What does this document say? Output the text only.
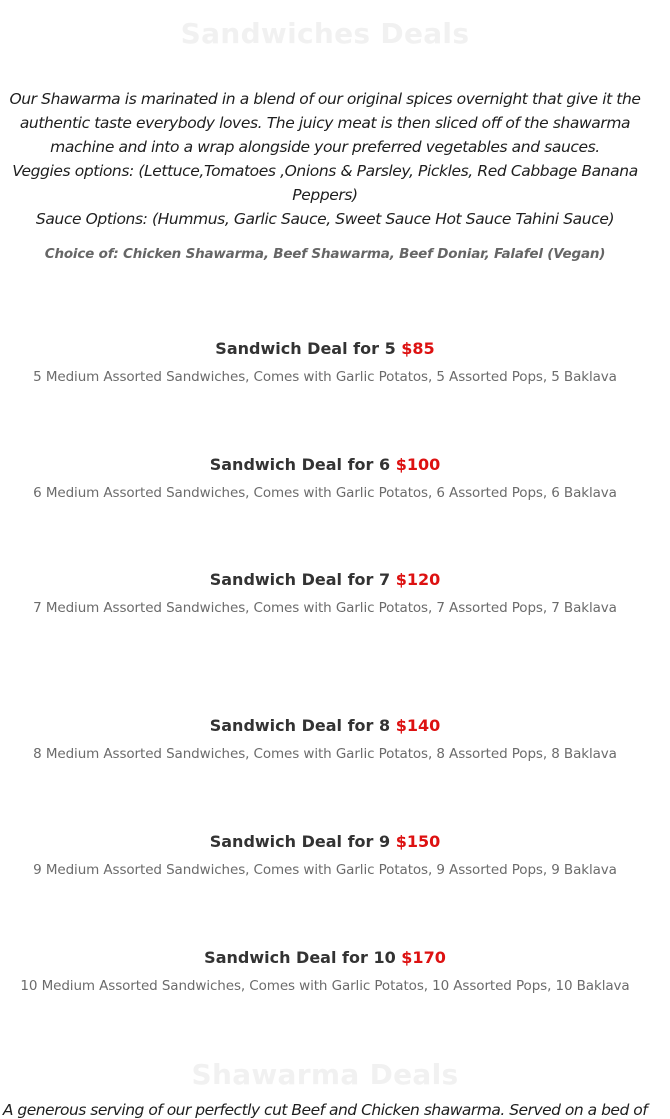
Sandwiches Deals
Our Shawarma is marinated in a blend of our original spices overnight that give it the
authentic taste everybody loves. The juicy meat is then sliced off of the shawarma
machine and into a wrap alongside your preferred vegetables and sauces.
Veggies options: (Lettuce,Tomatoes ,Onions & Parsley, Pickles, Red Cabbage Banana
Peppers)
Sauce Options: (Hummus, Garlic Sauce, Sweet Sauce Hot Sauce Tahini Sauce)
Choice of: Chicken Shawarma, Beef Shawarma, Beef Doniar, Falafel (Vegan)
Sandwich Deal for 5 $85
5 Medium Assorted Sandwiches, Comes with Garlic Potatos, 5 Assorted Pops, 5 Baklava
Sandwich Deal for 6 $100
6 Medium Assorted Sandwiches, Comes with Garlic Potatos, 6 Assorted Pops, 6 Baklava
Sandwich Deal for 7 $120
7 Medium Assorted Sandwiches, Comes with Garlic Potatos, 7 Assorted Pops, 7 Baklava
Sandwich Deal for 8 $140
8 Medium Assorted Sandwiches, Comes with Garlic Potatos, 8 Assorted Pops, 8 Baklava
Sandwich Deal for 9 $150
9 Medium Assorted Sandwiches, Comes with Garlic Potatos, 9 Assorted Pops, 9 Baklava
Sandwich Deal for 10 $170
10 Medium Assorted Sandwiches, Comes with Garlic Potatos, 10 Assorted Pops, 10 Baklava
Shawarma Deals
A generous serving of our perfectly cut Beef and Chicken shawarma. Served on a bed of
